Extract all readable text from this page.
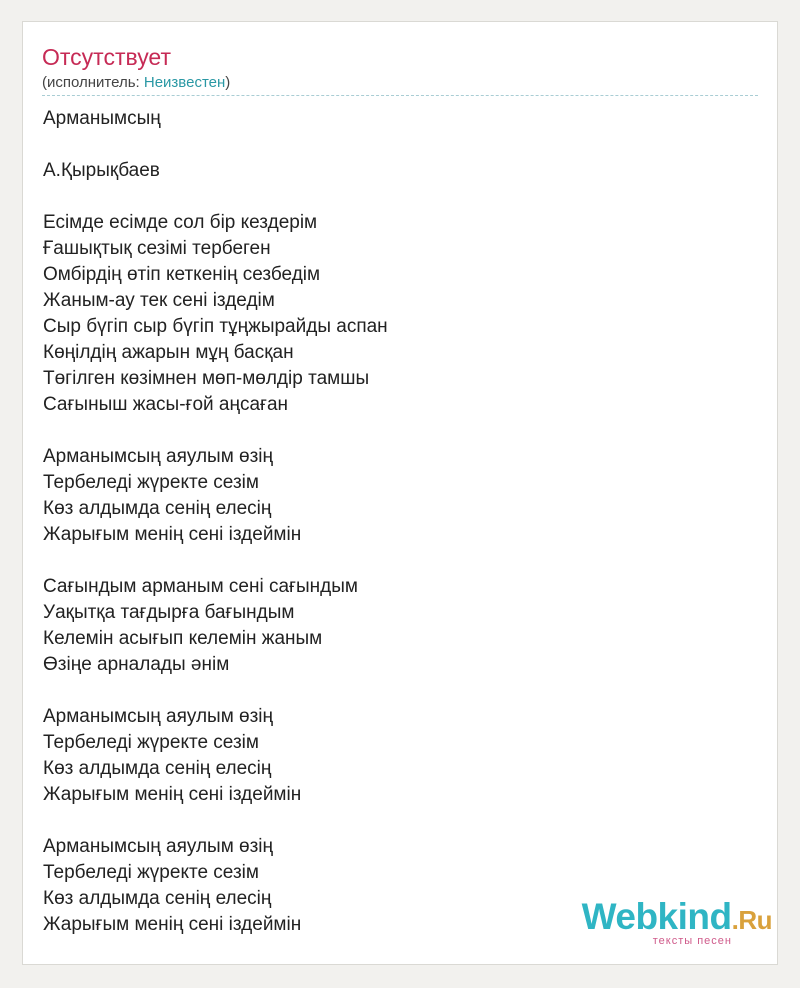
Отсутствует
(исполнитель: Неизвестен)
Арманымсың
А.Қырықбаев
Есімде есімде сол бір кездерім
Ғашықтық сезімі тербеген
Омбірдің өтіп кеткенің сезбедім
Жаным-ау тек сені іздедім
Сыр бүгіп сыр бүгіп тұңжырайды аспан
Көңілдің ажарын мұң басқан
Төгілген көзімнен мөп-мөлдір тамшы
Сағыныш жасы-ғой аңсаған
Арманымсың аяулым өзің
Тербеледі жүректе сезім
Көз алдымда сенің елесің
Жарығым менің сені іздеймін
Сағындым арманым сені сағындым
Уақытқа тағдырға бағындым
Келемін асығып келемін жаным
Өзіңе арналады әнім
Арманымсың аяулым өзің
Тербеледі жүректе сезім
Көз алдымда сенің елесің
Жарығым менің сені іздеймін
Арманымсың аяулым өзің
Тербеледі жүректе сезім
Көз алдымда сенің елесің
Жарығым менің сені іздеймін	Webkind.Ru
тексты песен
